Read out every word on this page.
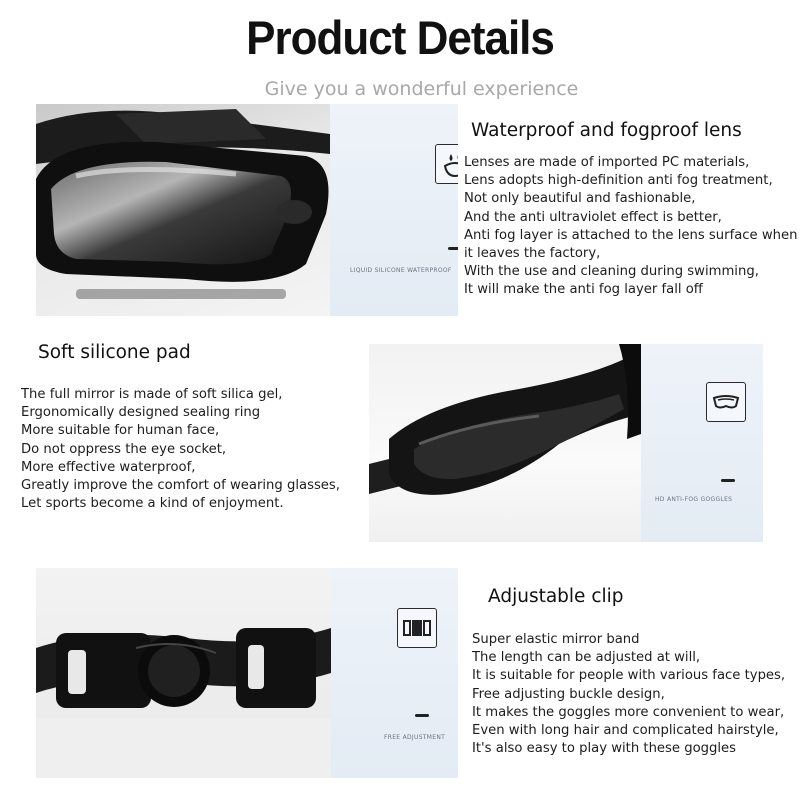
Product Details
Give you a wonderful experience
LIQUID SILICONE WATERPROOF
Waterproof and fogproof lens
Lenses are made of imported PC materials,
Lens adopts high-definition anti fog treatment,
Not only beautiful and fashionable,
And the anti ultraviolet effect is better,
Anti fog layer is attached to the lens surface when
it leaves the factory,
With the use and cleaning during swimming,
It will make the anti fog layer fall off
Soft silicone pad
The full mirror is made of soft silica gel,
Ergonomically designed sealing ring
More suitable for human face,
Do not oppress the eye socket,
More effective waterproof,
Greatly improve the comfort of wearing glasses,
Let sports become a kind of enjoyment.	HD ANTI-FOG GOGGLES
FREE ADJUSTMENT
Adjustable clip
Super elastic mirror band
The length can be adjusted at will,
It is suitable for people with various face types,
Free adjusting buckle design,
It makes the goggles more convenient to wear,
Even with long hair and complicated hairstyle,
It's also easy to play with these goggles
